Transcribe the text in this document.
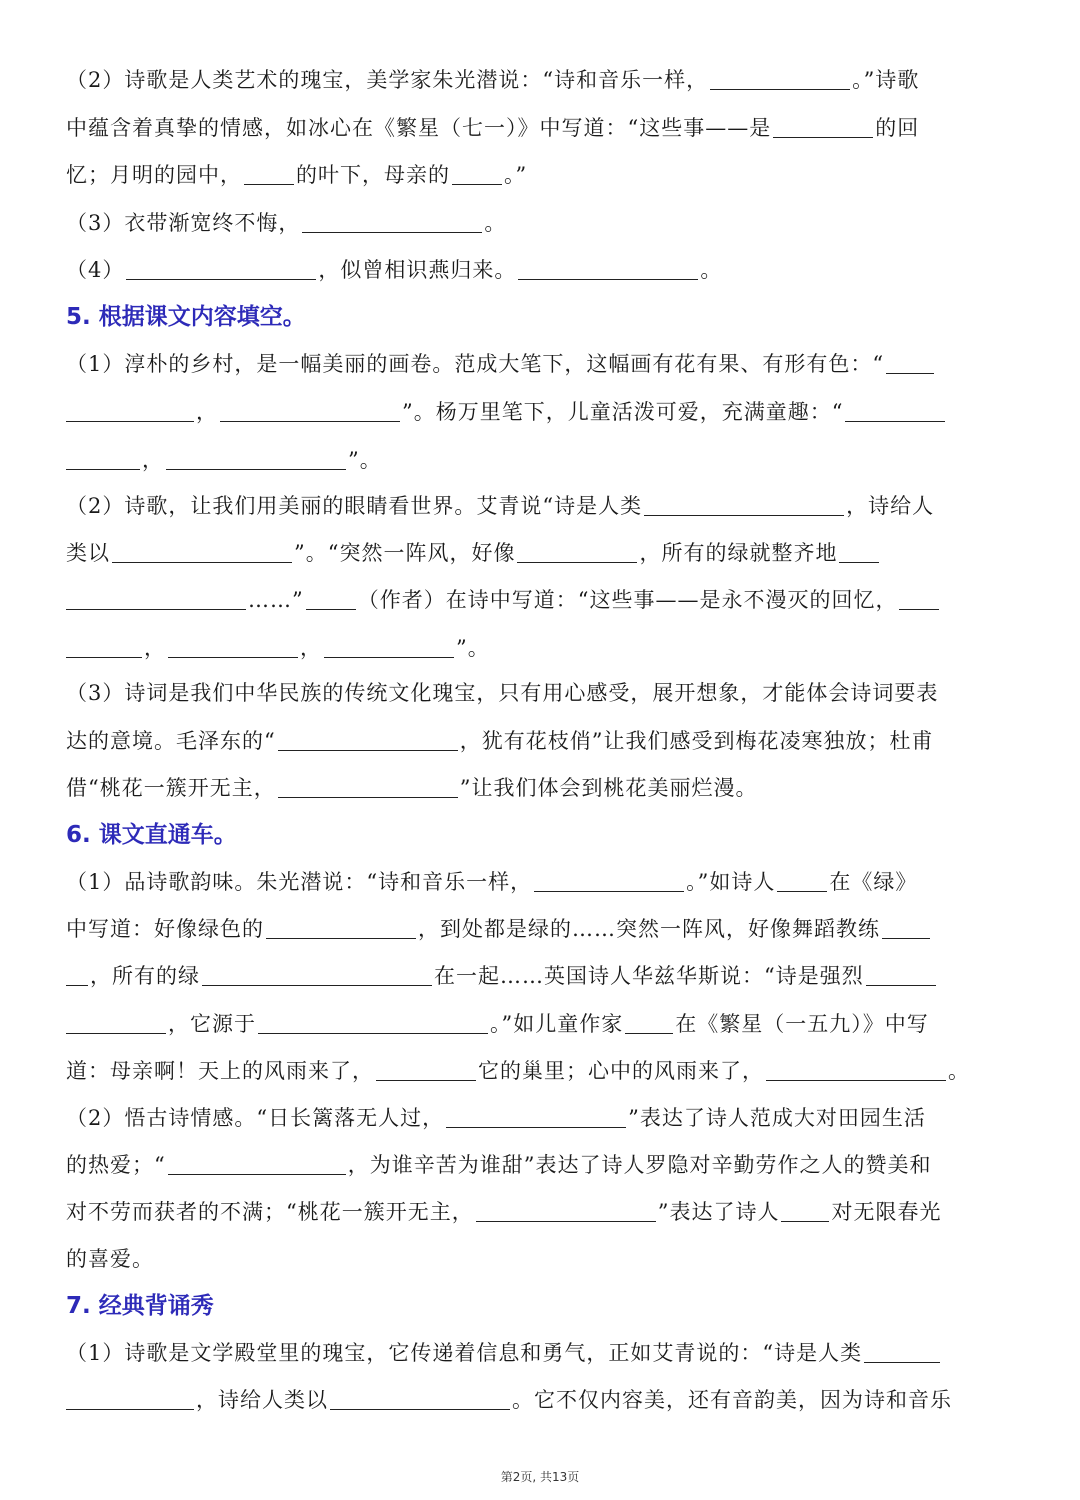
（2）诗歌是人类艺术的瑰宝，美学家朱光潜说：“诗和音乐一样，	。”诗歌
中蕴含着真挚的情感，如冰心在《繁星（七一）》中写道：“这些事——是	的回
忆；月明的园中，	的叶下，母亲的	。”
（3）衣带渐宽终不悔，	。
（4）	，似曾相识燕归来。	。
5. 根据课文内容填空。
（1）淳朴的乡村，是一幅美丽的画卷。范成大笔下，这幅画有花有果、有形有色：“
，	”。杨万里笔下，儿童活泼可爱，充满童趣：“
，	”。
（2）诗歌，让我们用美丽的眼睛看世界。艾青说“诗是人类	，诗给人
类以	”。“突然一阵风，好像	，所有的绿就整齐地
……”	（作者）在诗中写道：“这些事——是永不漫灭的回忆，
，	，	”。
（3）诗词是我们中华民族的传统文化瑰宝，只有用心感受，展开想象，才能体会诗词要表
达的意境。毛泽东的“	，犹有花枝俏”让我们感受到梅花凌寒独放；杜甫
借“桃花一簇开无主，	”让我们体会到桃花美丽烂漫。
6. 课文直通车。
（1）品诗歌韵味。朱光潜说：“诗和音乐一样，	。”如诗人	在《绿》
中写道：好像绿色的	，到处都是绿的……突然一阵风，好像舞蹈教练
，所有的绿	在一起……英国诗人华兹华斯说：“诗是强烈
，它源于	。”如儿童作家 在《繁星（一五九）》中写
道：母亲啊！天上的风雨来了，	它的巢里；心中的风雨来了，	。
（2）悟古诗情感。“日长篱落无人过，	”表达了诗人范成大对田园生活
的热爱；“	，为谁辛苦为谁甜”表达了诗人罗隐对辛勤劳作之人的赞美和
对不劳而获者的不满；“桃花一簇开无主，	”表达了诗人 对无限春光
的喜爱。
7. 经典背诵秀
（1）诗歌是文学殿堂里的瑰宝，它传递着信息和勇气，正如艾青说的：“诗是人类
，诗给人类以	。它不仅内容美，还有音韵美，因为诗和音乐
第2页, 共13页
